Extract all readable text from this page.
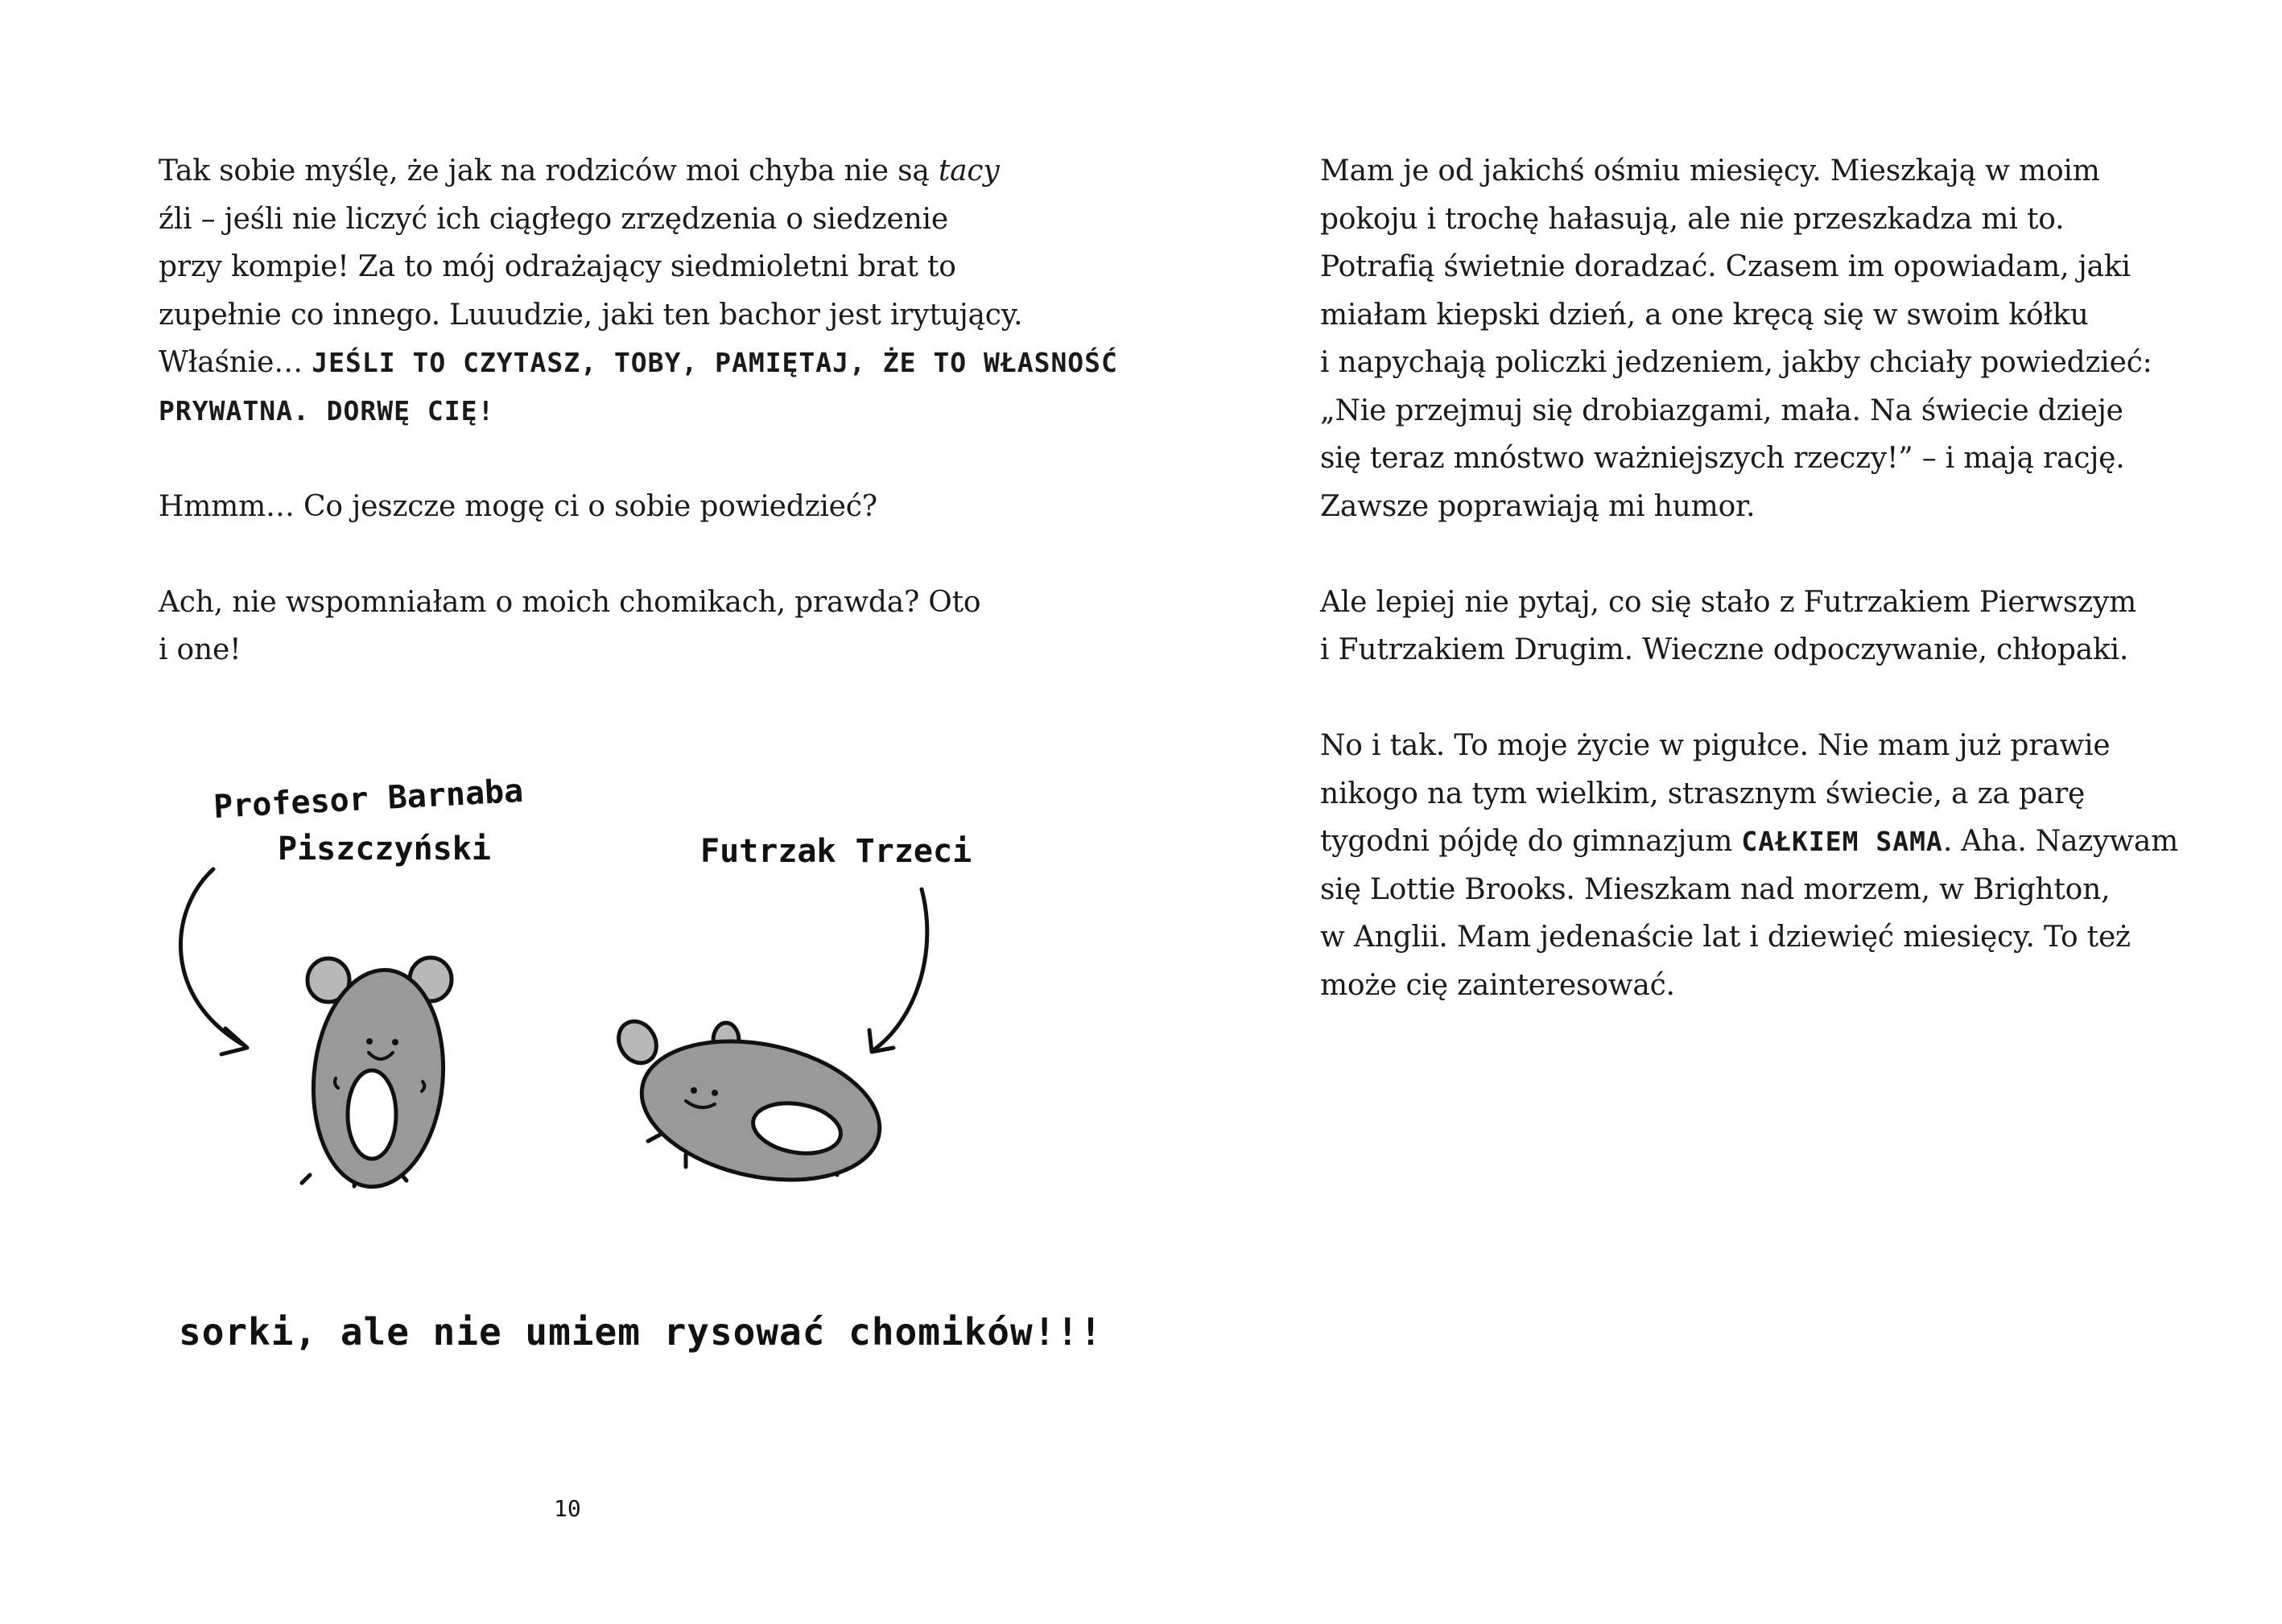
Tak sobie myślę, że jak na rodziców moi chyba nie są tacy
źli – jeśli nie liczyć ich ciągłego zrzędzenia o siedzenie
przy kompie! Za to mój odrażający siedmioletni brat to
zupełnie co innego. Luuudzie, jaki ten bachor jest irytujący.
Właśnie… JEŚLI TO CZYTASZ, TOBY, PAMIĘTAJ, ŻE TO WŁASNOŚĆ
PRYWATNA. DORWĘ CIĘ!

Hmmm… Co jeszcze mogę ci o sobie powiedzieć?

Ach, nie wspomniałam o moich chomikach, prawda? Oto
i one!

Profesor Barnaba
Piszczyński	Futrzak Trzeci
sorki, ale nie umiem rysować chomików!!!
10

Mam je od jakichś ośmiu miesięcy. Mieszkają w moim
pokoju i trochę hałasują, ale nie przeszkadza mi to.
Potrafią świetnie doradzać. Czasem im opowiadam, jaki
miałam kiepski dzień, a one kręcą się w swoim kółku
i napychają policzki jedzeniem, jakby chciały powiedzieć:
„Nie przejmuj się drobiazgami, mała. Na świecie dzieje
się teraz mnóstwo ważniejszych rzeczy!” – i mają rację.
Zawsze poprawiają mi humor.

Ale lepiej nie pytaj, co się stało z Futrzakiem Pierwszym
i Futrzakiem Drugim. Wieczne odpoczywanie, chłopaki.

No i tak. To moje życie w pigułce. Nie mam już prawie
nikogo na tym wielkim, strasznym świecie, a za parę
tygodni pójdę do gimnazjum CAŁKIEM SAMA. Aha. Nazywam
się Lottie Brooks. Mieszkam nad morzem, w Brighton,
w Anglii. Mam jedenaście lat i dziewięć miesięcy. To też
może cię zainteresować.
